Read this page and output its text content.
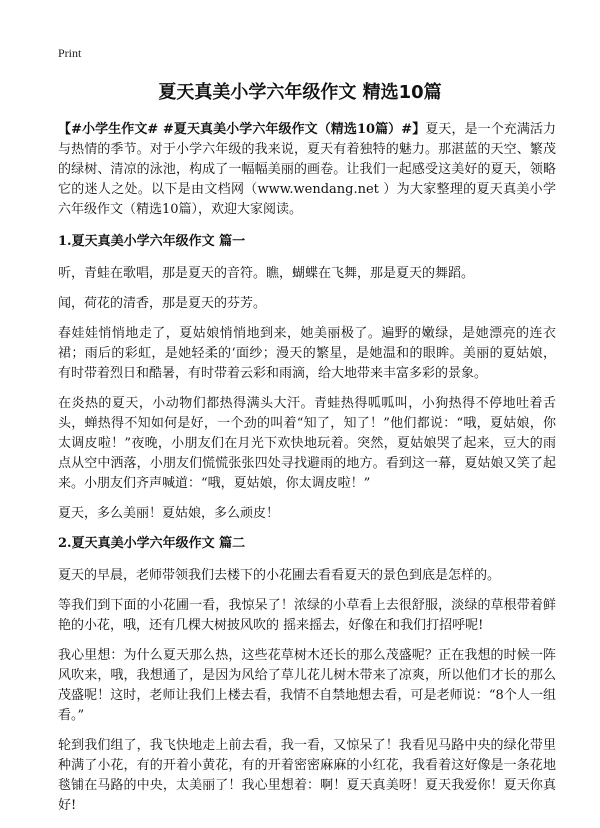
Print
夏天真美小学六年级作文 精选10篇

【#小学生作文# #夏天真美小学六年级作文（精选10篇）#】夏天，是一个充满活力与热情的季节。对于小学六年级的我来说，夏天有着独特的魅力。那湛蓝的天空、繁茂的绿树、清凉的泳池，构成了一幅幅美丽的画卷。让我们一起感受这美好的夏天，领略它的迷人之处。以下是由文档网（www.wendang.net ）为大家整理的夏天真美小学六年级作文（精选10篇），欢迎大家阅读。

1.夏天真美小学六年级作文 篇一

听，青蛙在歌唱，那是夏天的音符。瞧，蝴蝶在飞舞，那是夏天的舞蹈。

闻，荷花的清香，那是夏天的芬芳。

春娃娃悄悄地走了，夏姑娘悄悄地到来，她美丽极了。遍野的嫩绿，是她漂亮的连衣裙；雨后的彩虹，是她轻柔的‘面纱；漫天的繁星，是她温和的眼眸。美丽的夏姑娘，有时带着烈日和酷暑，有时带着云彩和雨滴，给大地带来丰富多彩的景象。

在炎热的夏天，小动物们都热得满头大汗。青蛙热得呱呱叫，小狗热得不停地吐着舌头，蝉热得不知如何是好，一个劲的叫着“知了，知了！”他们都说：“哦，夏姑娘，你太调皮啦！”夜晚，小朋友们在月光下欢快地玩着。突然，夏姑娘哭了起来，豆大的雨点从空中洒落，小朋友们慌慌张张四处寻找避雨的地方。看到这一幕，夏姑娘又笑了起来。小朋友们齐声喊道：“哦，夏姑娘，你太调皮啦！”

夏天，多么美丽！夏姑娘，多么顽皮！

2.夏天真美小学六年级作文 篇二

夏天的早晨，老师带领我们去楼下的小花圃去看看夏天的景色到底是怎样的。

等我们到下面的小花圃一看，我惊呆了！浓绿的小草看上去很舒服，淡绿的草根带着鲜艳的小花，哦，还有几棵大树披风吹的 摇来摇去，好像在和我们打招呼呢!

我心里想：为什么夏天那么热，这些花草树木还长的那么茂盛呢？正在我想的时候一阵风吹来，哦，我想通了，是因为风给了草儿花儿树木带来了凉爽，所以他们才长的那么茂盛呢！这时，老师让我们上楼去看，我情不自禁地想去看，可是老师说：“8个人一组看。”

轮到我们组了，我飞快地走上前去看，我一看，又惊呆了！我看见马路中央的绿化带里种满了小花，有的开着小黄花，有的开着密密麻麻的小红花，我看着这好像是一条花地毯铺在马路的中央，太美丽了！我心里想着：啊！夏天真美呀！夏天我爱你！夏天你真好!
